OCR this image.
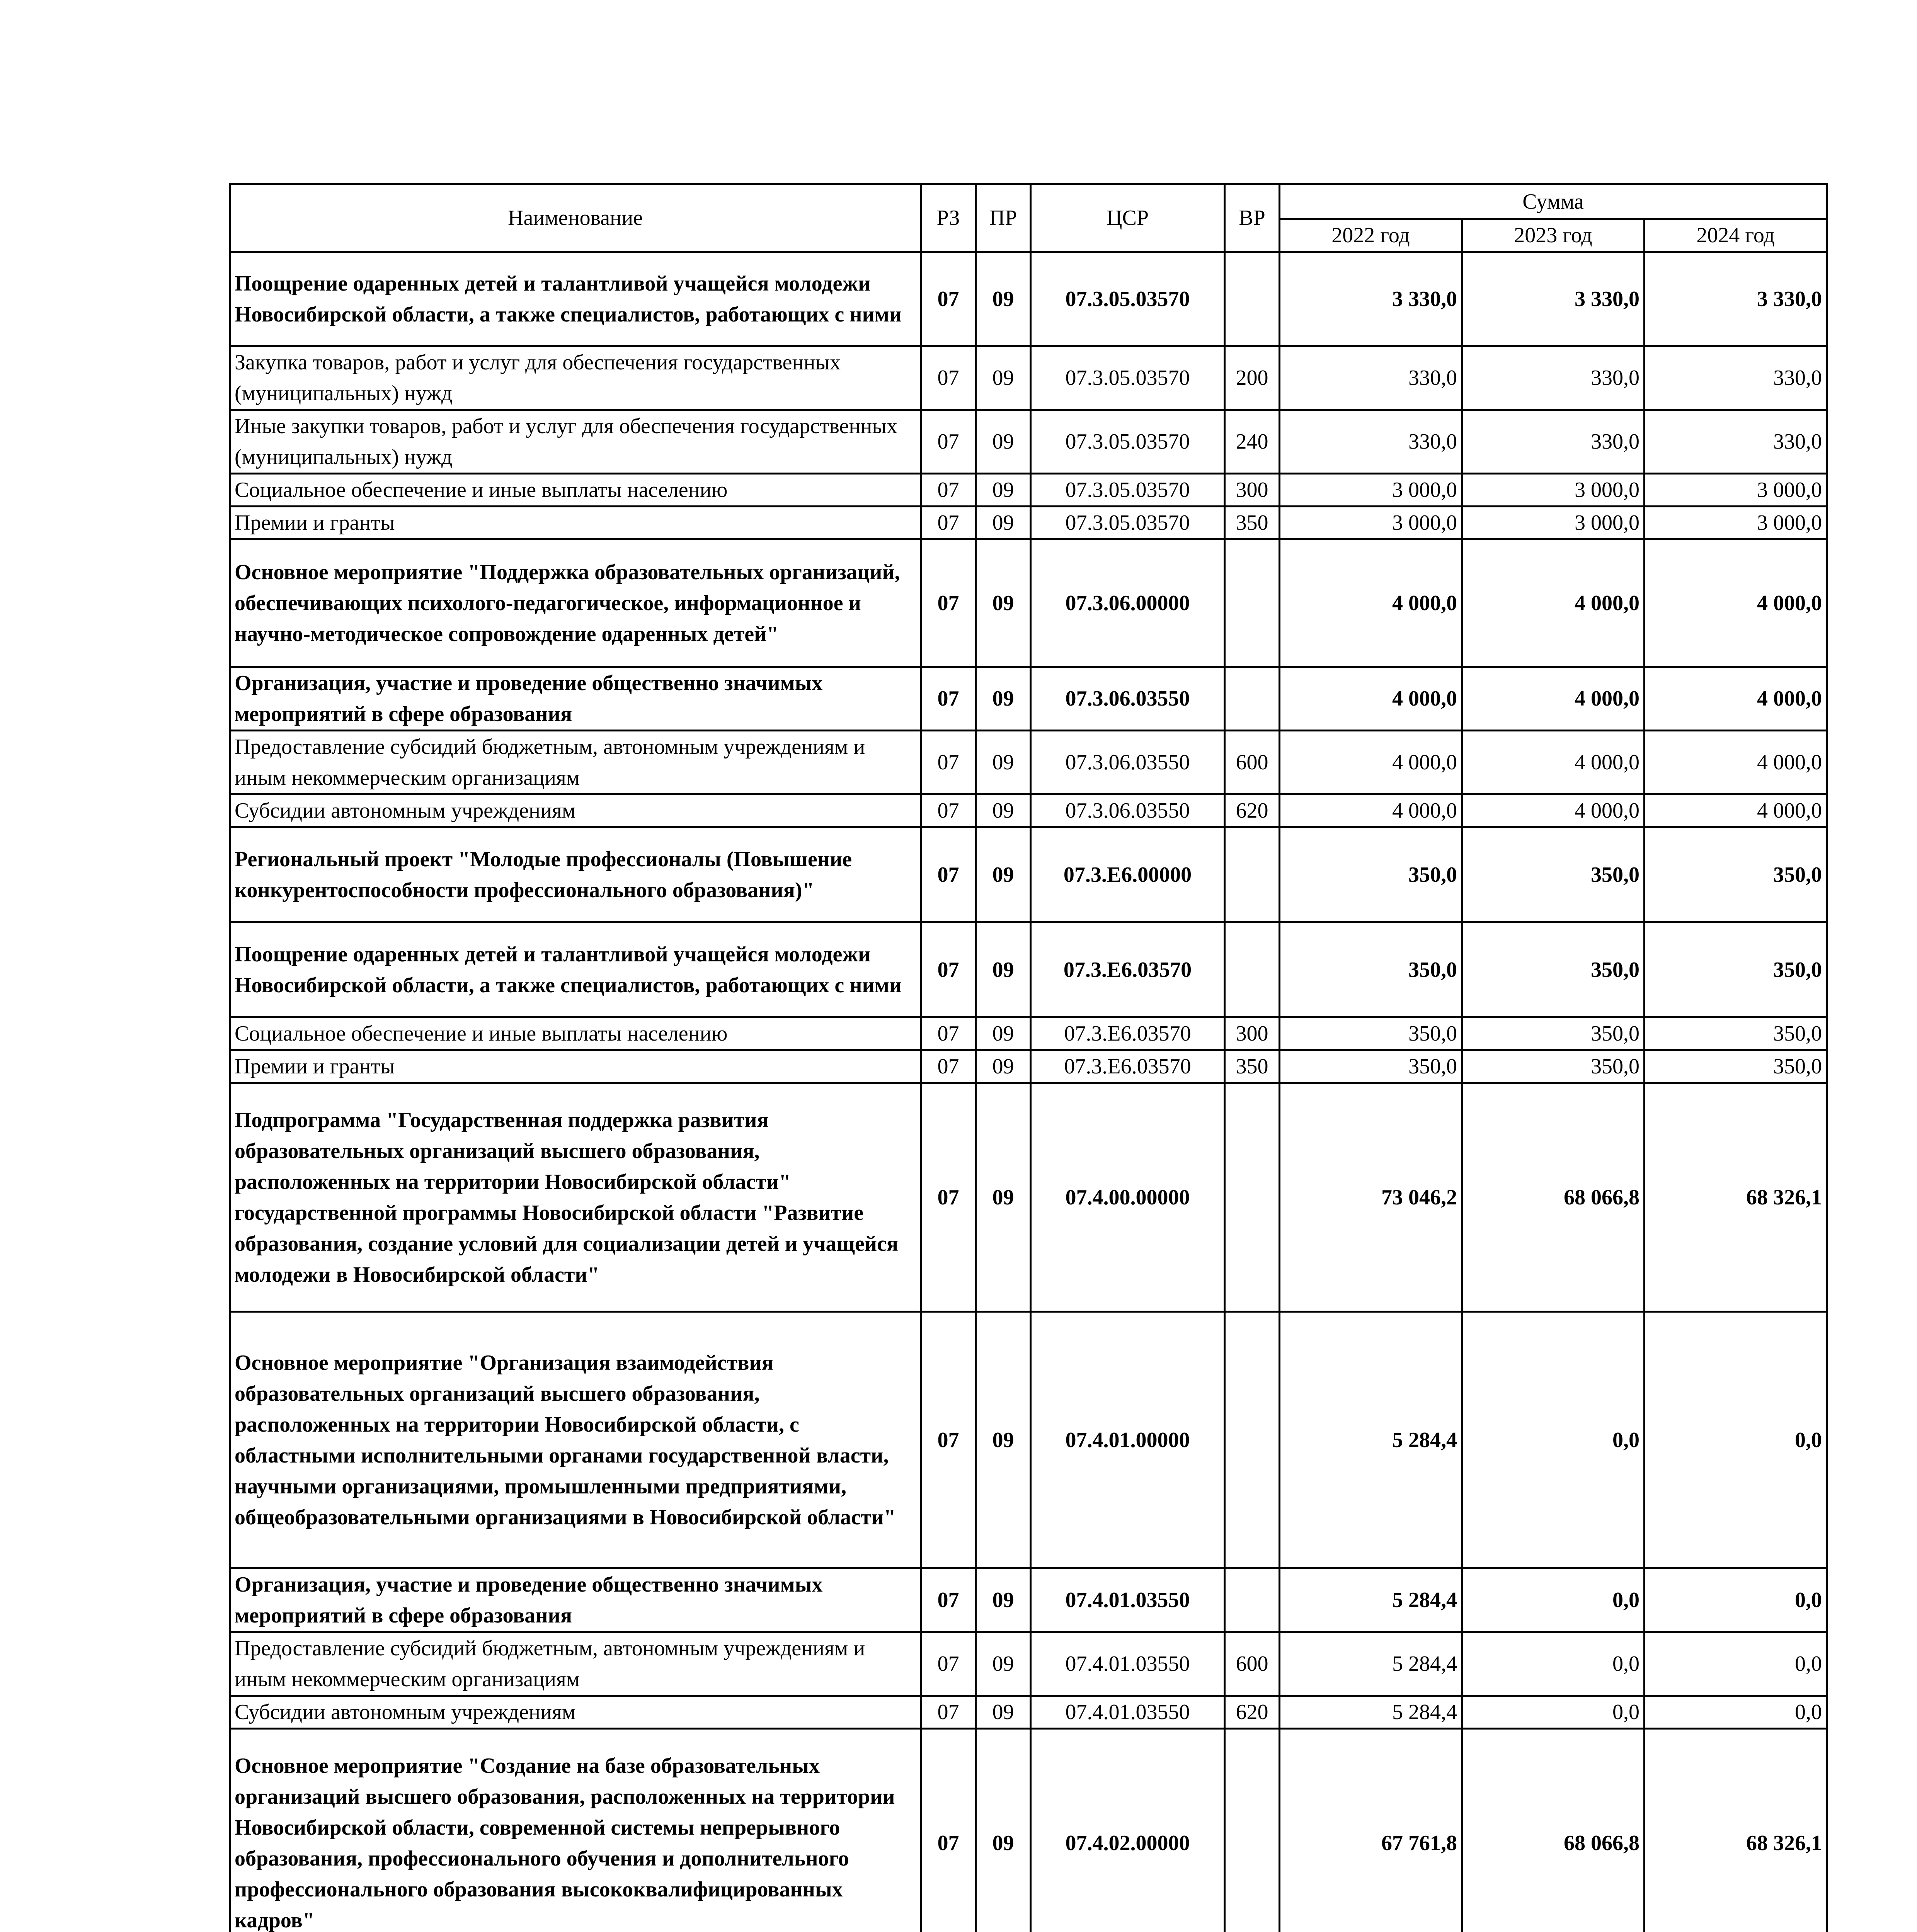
Наименование	РЗ	ПР	ЦСР	ВР	Сумма		
					2022 год	2023 год	2024 год
Поощрение одаренных детей и талантливой учащейся молодежи Новосибирской области, а также специалистов, работающих с ними	07	09	07.3.05.03570		3 330,0	3 330,0	3 330,0
Закупка товаров, работ и услуг для обеспечения государственных (муниципальных) нужд	07	09	07.3.05.03570	200	330,0	330,0	330,0
Иные закупки товаров, работ и услуг для обеспечения государственных (муниципальных) нужд	07	09	07.3.05.03570	240	330,0	330,0	330,0
Социальное обеспечение и иные выплаты населению	07	09	07.3.05.03570	300	3 000,0	3 000,0	3 000,0
Премии и гранты	07	09	07.3.05.03570	350	3 000,0	3 000,0	3 000,0
Основное мероприятие "Поддержка образовательных организаций, обеспечивающих психолого-педагогическое, информационное и научно-методическое сопровождение одаренных детей"	07	09	07.3.06.00000		4 000,0	4 000,0	4 000,0
Организация, участие и проведение общественно значимых мероприятий в сфере образования	07	09	07.3.06.03550		4 000,0	4 000,0	4 000,0
Предоставление субсидий бюджетным, автономным учреждениям и иным некоммерческим организациям	07	09	07.3.06.03550	600	4 000,0	4 000,0	4 000,0
Субсидии автономным учреждениям	07	09	07.3.06.03550	620	4 000,0	4 000,0	4 000,0
Региональный проект "Молодые профессионалы (Повышение конкурентоспособности профессионального образования)"	07	09	07.3.E6.00000		350,0	350,0	350,0
Поощрение одаренных детей и талантливой учащейся молодежи Новосибирской области, а также специалистов, работающих с ними	07	09	07.3.E6.03570		350,0	350,0	350,0
Социальное обеспечение и иные выплаты населению	07	09	07.3.E6.03570	300	350,0	350,0	350,0
Премии и гранты	07	09	07.3.E6.03570	350	350,0	350,0	350,0
Подпрограмма "Государственная поддержка развития образовательных организаций высшего образования, расположенных на территории Новосибирской области" государственной программы Новосибирской области "Развитие образования, создание условий для социализации детей и учащейся молодежи в Новосибирской области"	07	09	07.4.00.00000		73 046,2	68 066,8	68 326,1
Основное мероприятие "Организация взаимодействия образовательных организаций высшего образования, расположенных на территории Новосибирской области, с областными исполнительными органами государственной власти, научными организациями, промышленными предприятиями, общеобразовательными организациями в Новосибирской области"	07	09	07.4.01.00000		5 284,4	0,0	0,0
Организация, участие и проведение общественно значимых мероприятий в сфере образования	07	09	07.4.01.03550		5 284,4	0,0	0,0
Предоставление субсидий бюджетным, автономным учреждениям и иным некоммерческим организациям	07	09	07.4.01.03550	600	5 284,4	0,0	0,0
Субсидии автономным учреждениям	07	09	07.4.01.03550	620	5 284,4	0,0	0,0
Основное мероприятие "Создание на базе образовательных организаций высшего образования, расположенных на территории Новосибирской области, современной системы непрерывного образования, профессионального обучения и дополнительного профессионального образования высококвалифицированных кадров"	07	09	07.4.02.00000		67 761,8	68 066,8	68 326,1
